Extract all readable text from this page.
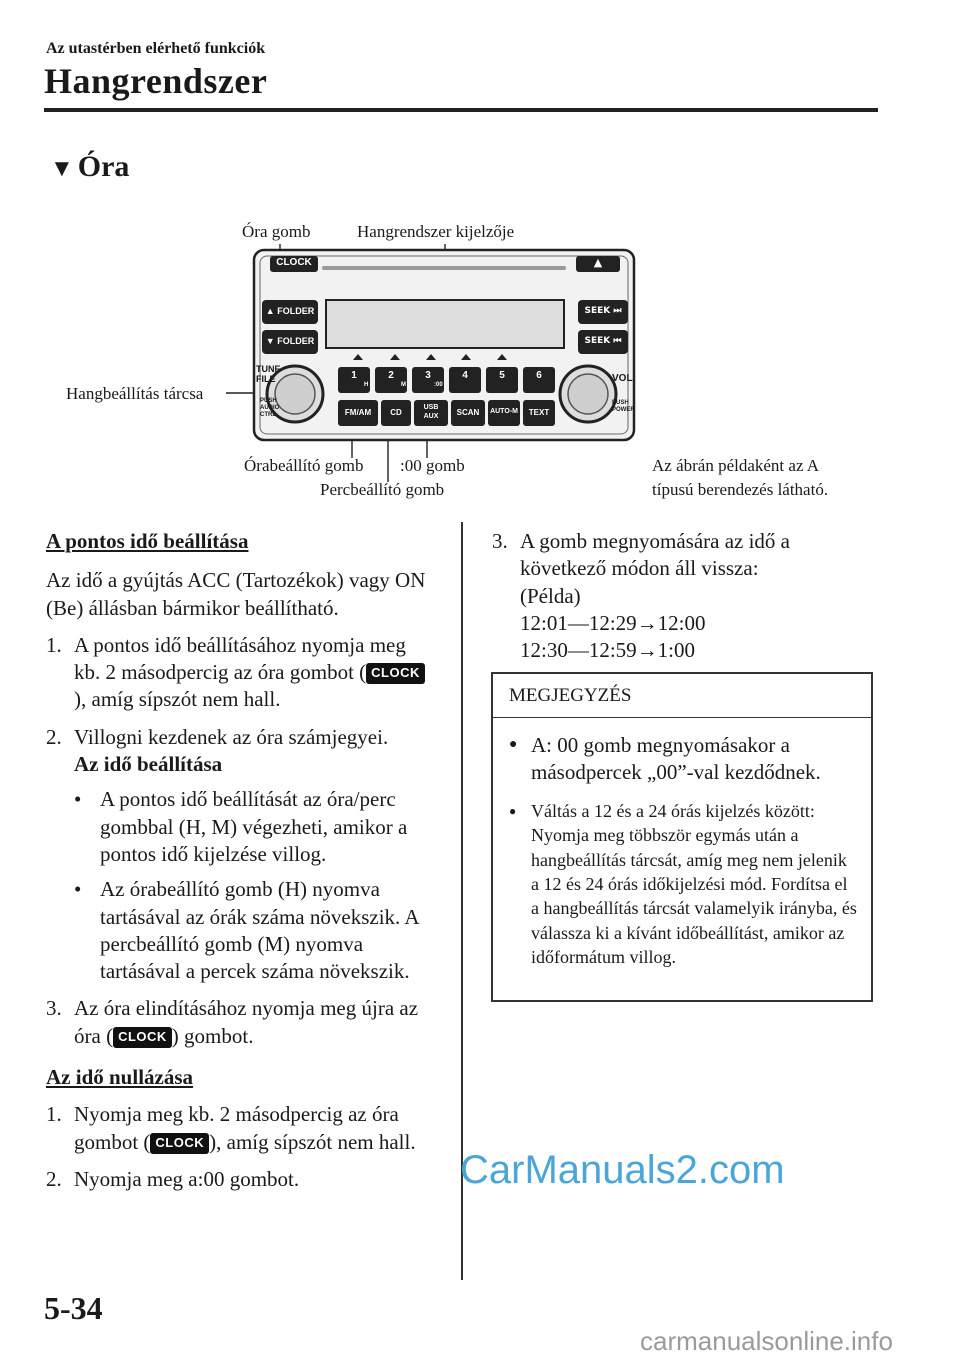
Az utastérben elérhető funkciók
Hangrendszer
▼ Óra
Óra gomb	Hangrendszer kijelzője
Hangbeállítás tárcsa
Órabeállító gomb :00 gomb
Percbeállító gomb
Az ábrán példaként az A
típusú berendezés látható.
CLOCK	▲
▲ FOLDER
▼ FOLDER
SEEK ⏭
SEEK ⏮
TUNE
FILE
PUSH
AUDIO
CTRL
VOL
PUSH
POWER
1	2	3	4	5	6
H	M	:00
FM/AM	CD
USB
AUX	SCAN	AUTO-M	TEXT

A pontos idő beállítása

Az idő a gyújtás ACC (Tartozékok) vagy ON (Be) állásban bármikor beállítható.

1. A pontos idő beállításához nyomja meg kb. 2 másodpercig az óra gombot ( CLOCK), amíg sípszót nem hall.
2. Villogni kezdenek az óra számjegyei.
Az idő beállítása
• A pontos idő beállítását az óra/perc gombbal (H, M) végezheti, amikor a pontos idő kijelzése villog.
• Az órabeállító gomb (H) nyomva tartásával az órák száma növekszik. A percbeállító gomb (M) nyomva tartásával a percek száma növekszik.
3. Az óra elindításához nyomja meg újra az óra ( CLOCK ) gombot.

Az idő nullázása

1. Nyomja meg kb. 2 másodpercig az óra gombot ( CLOCK ), amíg sípszót nem hall.
2. Nyomja meg a:00 gombot.
3. A gomb megnyomására az idő a következő módon áll vissza:
(Példa)
12:01—12:29→12:00
12:30—12:59→1:00
MEGJEGYZÉS
● A: 00 gomb megnyomásakor a másodpercek „00”-val kezdődnek.
● Váltás a 12 és a 24 órás kijelzés között: Nyomja meg többször egymás után a hangbeállítás tárcsát, amíg meg nem jelenik a 12 és 24 órás időkijelzési mód. Fordítsa el a hangbeállítás tárcsát valamelyik irányba, és válassza ki a kívánt időbeállítást, amikor az időformátum villog.
5-34
CarManuals2.com
carmanualsonline.info
